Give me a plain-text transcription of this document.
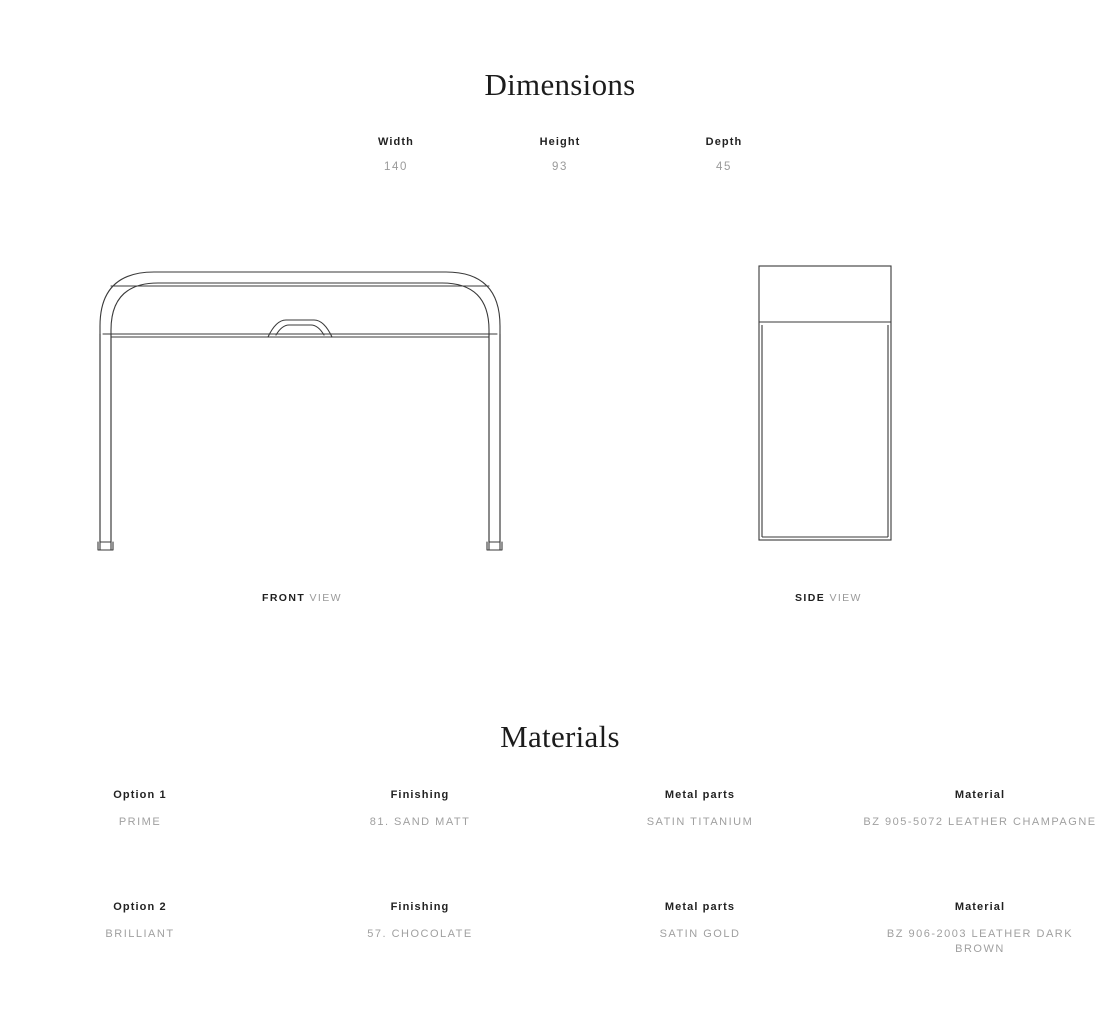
Dimensions
Width
140
Height
93
Depth
45
FRONT VIEW	SIDE VIEW
Materials
Option 1
PRIME
Finishing
81. SAND MATT
Metal parts
SATIN TITANIUM
Material
BZ 905-5072 LEATHER CHAMPAGNE
Option 2
BRILLIANT
Finishing
57. CHOCOLATE
Metal parts
SATIN GOLD
Material
BZ 906-2003 LEATHER DARK BROWN
